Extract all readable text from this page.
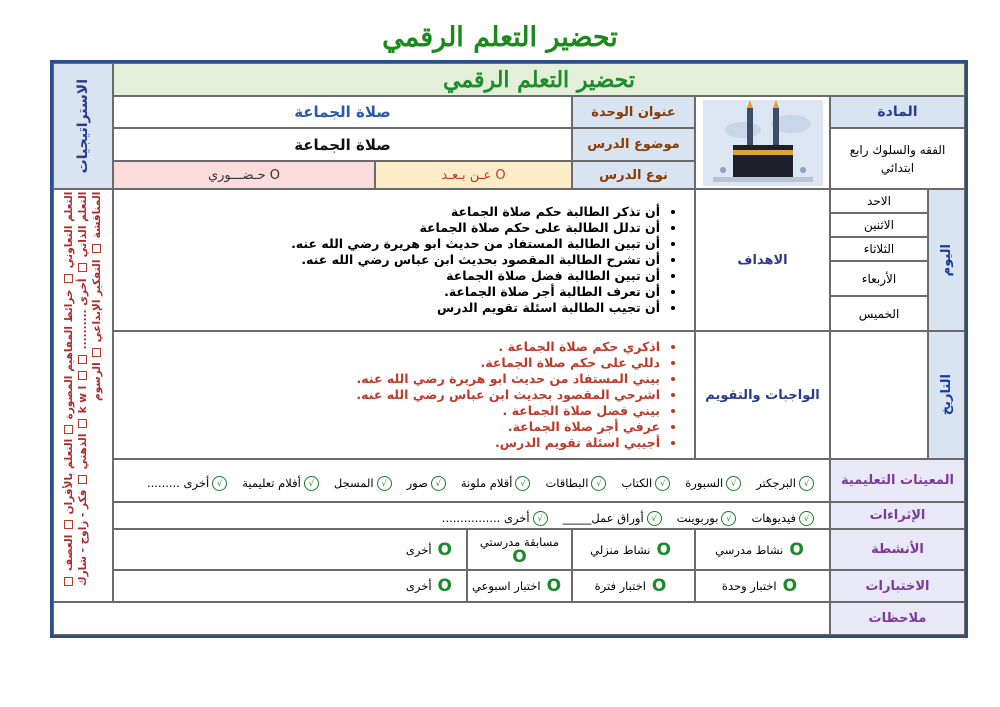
تحضير التعلم الرقمي
الاستراتيجيات
التعلم التعاوني  خرائط المفاهيم المصورة  التعلم بالأقران  العصف الذهني  فكر - زاوج - شارك  k w l  التعلم الذاتي  أخرى ..........  المناقشة  التفكير الإبداعي  الرسوم
تحضير التعلم الرقمي
المادة
الفقه والسلوك رابع ابتدائي
عنوان الوحدة
صلاة الجماعة
موضوع الدرس
صلاة الجماعة
نوع الدرس
عـن بـعـد O
حـضـــوري O
اليوم
التاريخ
الاحد
الاثنين
الثلاثاء
الأربعاء
الخميس
الاهداف
• أن تذكر الطالبة حكم صلاة الجماعة
• أن تدلل الطالبة على حكم صلاة الجماعة
• أن تبين الطالبة المستفاد من حديث ابو هريرة رضي الله عنه.
• أن تشرح الطالبة المقصود بحديث ابن عباس رضي الله عنه.
• أن تبين الطالبة فضل صلاة الجماعة
• أن تعرف الطالبة أجر صلاة الجماعة.
• أن تجيب الطالبة اسئلة تقويم الدرس
الواجبات والتقويم
• اذكري حكم صلاة الجماعة .
• دللي على حكم صلاة الجماعة.
• بيني المستفاد من حديث ابو هريرة رضي الله عنه.
• اشرحي المقصود بحديث ابن عباس رضي الله عنه.
• بيني فضل صلاة الجماعة .
• عرفي أجر صلاة الجماعة.
• أجيبي اسئلة تقويم الدرس.
المعينات التعليمية
√
البرجكتر
√
السبورة
√
الكتاب
√
البطاقات
√
أقلام ملونة
√
صور
√
المسجل
√
أفلام تعليمية
√
أخرى .........
الإثراءات
√
فيديوهات
√
بوربوينت
√
أوراق عمل_____
√
أخرى ................
الأنشطة
نشاط مدرسي O
نشاط منزلي O
مسابقة مدرستي
O
أخرى O
الاختبارات
اختبار وحدة O
اختبار فترة O
اختبار اسبوعي O
أخرى O
ملاحظات
